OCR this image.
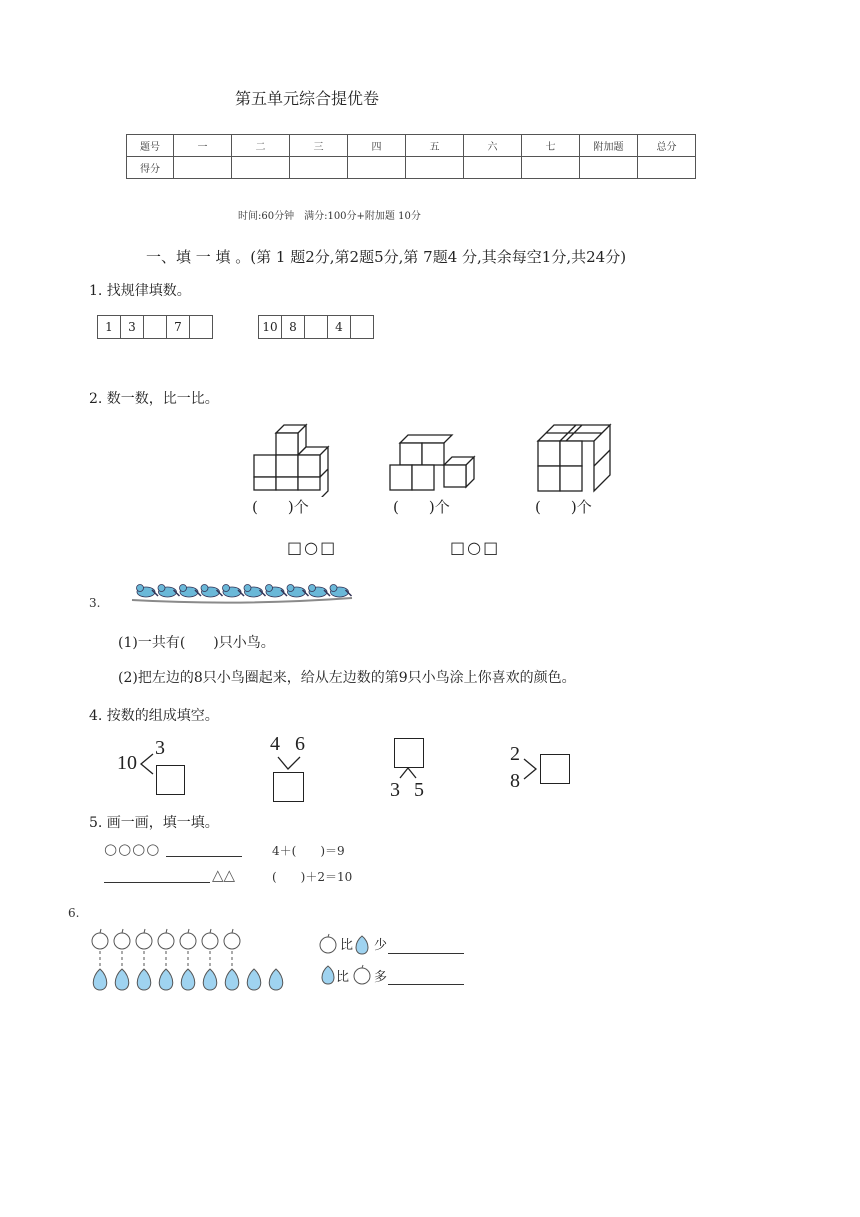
第五单元综合提优卷
题号	一	二	三	四	五	六	七	附加题	总分
得分									
时间:60分钟　满分:100分+附加题 10分
一、填 一 填 。(第 1 题2分,第2题5分,第 7题4 分,其余每空1分,共24分)
1. 找规律填数。
1	3	7	10 8	4
2. 数一数，比一比。
(　　)个	(　　)个	(　　)个
□○□	□○□
3.
(1)一共有(　　)只小鸟。
(2)把左边的8只小鸟圈起来，给从左边数的第9只小鸟涂上你喜欢的颜色。
4. 按数的组成填空。
10
3	4 6
3 5
2
8
5. 画一画，填一填。
○○○○	4＋(　　)＝9
△△	(　　)＋2＝10
6.
比 少
比 多
